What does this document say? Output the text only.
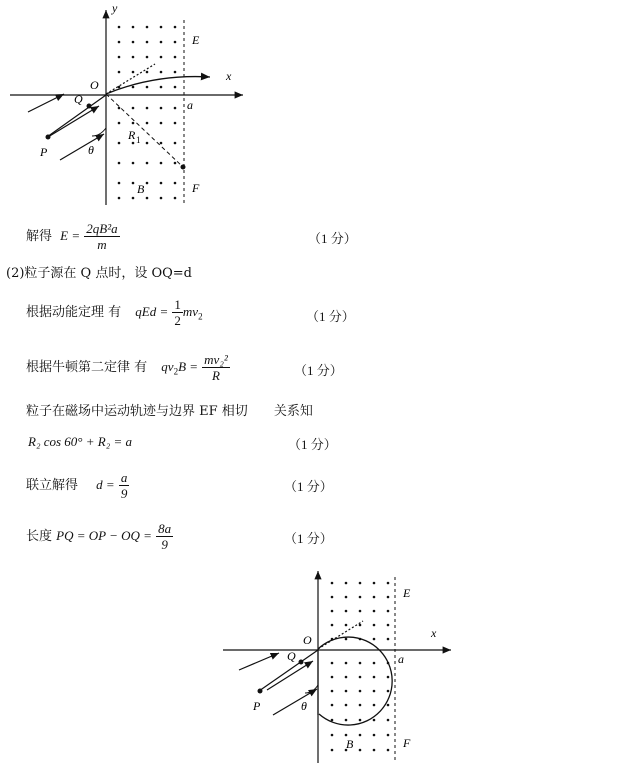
y
x
E
F
O
Q
P
a
θ
R 1
B
解得 $E = \frac{\text{2qB²a}}{m}$	（1 分）
(2)粒子源在 Q 点时，设 OQ=d
根据动能定理 有 qEd = $\frac{1}{2} mv_2$	（1 分）
根据牛顿第二定律 有 $qv_2B = \frac{\text{mv₂²}}{R}$	（1 分）
粒子在磁场中运动轨迹与边界 EF 相切 关系知
R₂ cos 60° + R₂ = a	（1 分）
联立解得 $d = \frac{a}{9}$	（1 分）
长度 PQ = OP − OQ = $\frac{8a}{9}$	（1 分）
x
E
F
O
Q
P
a
θ
B
